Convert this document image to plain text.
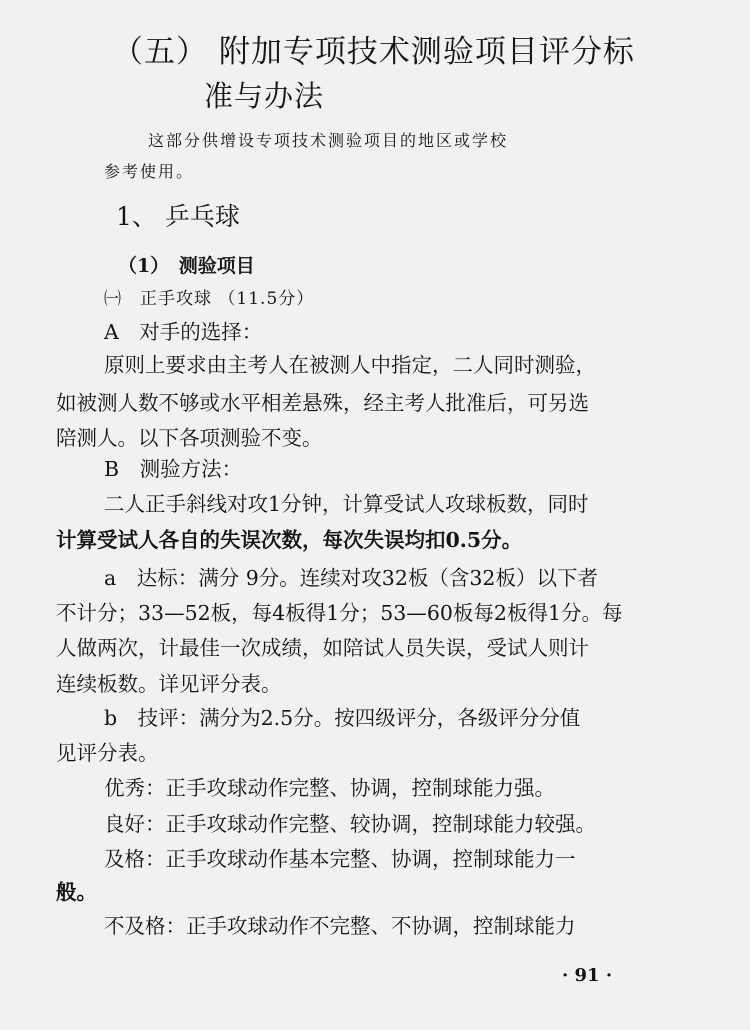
（五） 附加专项技术测验项目评分标
准与办法
这部分供增设专项技术测验项目的地区或学校
参考使用。
1、 乒乓球
（1）　测验项目
㈠　正手攻球 （11.5分）
A　对手的选择：
原则上要求由主考人在被测人中指定，二人同时测验，
如被测人数不够或水平相差悬殊，经主考人批准后，可另选
陪测人。以下各项测验不变。
B　测验方法：
二人正手斜线对攻1分钟，计算受试人攻球板数，同时
计算受试人各自的失误次数，每次失误均扣0.5分。
a　达标：满分 9分。连续对攻32板（含32板）以下者
不计分；33—52板，每4板得1分；53—60板每2板得1分。每
人做两次，计最佳一次成绩，如陪试人员失误，受试人则计
连续板数。详见评分表。
b　技评：满分为2.5分。按四级评分，各级评分分值
见评分表。
优秀：正手攻球动作完整、协调，控制球能力强。
良好：正手攻球动作完整、较协调，控制球能力较强。
及格：正手攻球动作基本完整、协调，控制球能力一
般。
不及格：正手攻球动作不完整、不协调，控制球能力
· 91 ·
